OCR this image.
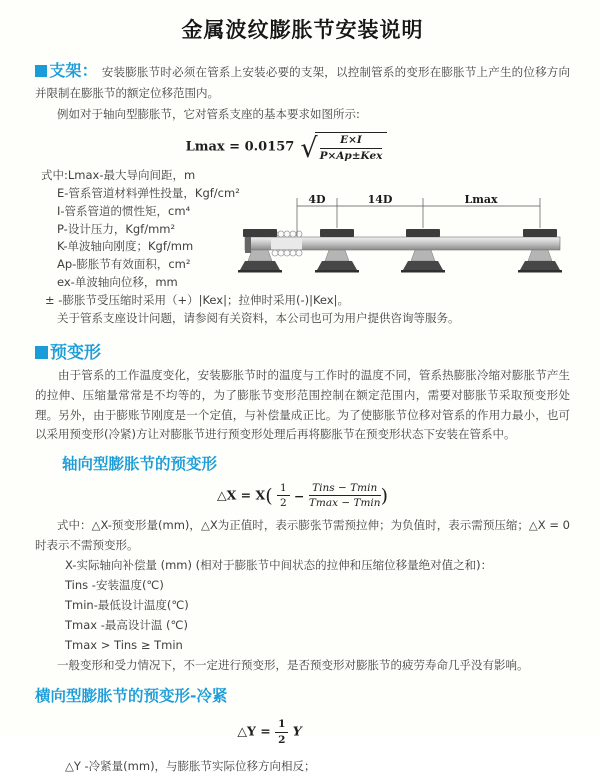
金属波纹膨胀节安装说明

支架： 安装膨胀节时必须在管系上安装必要的支架，以控制管系的变形在膨胀节上产生的位移方向并限制在膨胀节的额定位移范围内。

例如对于轴向型膨胀节，它对管系支座的基本要求如图所示:

Lmax = 0.0157 √ $\frac{E\times I}{\text{P×Ap±Kex}}$
式中:Lmax-最大导向间距，m
E-管系管道材料弹性投量，Kgf/cm²
I-管系管道的惯性矩，cm⁴
P-设计压力，Kgf/mm²
K-单波轴向刚度；Kgf/mm
Ap-膨胀节有效面积，cm²
ex-单波轴向位移，mm
± -膨胀节受压缩时采用（+）|Kex|；拉伸时采用(-)|Kex|。
关于管系支座设计问题，请参阅有关资料，本公司也可为用户提供咨询等服务。
4D	14D	Lmax
预变形

由于管系的工作温度变化，安装膨胀节时的温度与工作时的温度不同，管系热膨胀冷缩对膨胀节产生的拉伸、压缩量常常是不均等的，为了膨胀节变形范围控制在额定范围内，需要对膨胀节采取预变形处理。另外，由于膨账节刚度是一个定值，与补偿量成正比。为了使膨胀节位移对管系的作用力最小，也可以采用预变形(冷紧)方让对膨胀节进行预变形处理后再将膨胀节在预变形状态下安装在管系中。

轴向型膨胀节的预变形
△X = $X( \frac{1}{2} - \frac{\text{Tins − Tmin}}{Tmax - Tmin}$ )
式中：△X-预变形量(mm)，△X为正值时，表示膨张节需预拉伸；为负值时，表示需预压缩；△X = 0时表示不需预变形。
X-实际轴向补偿量 (mm) (相对于膨胀节中间状态的拉伸和压缩位移量绝对值之和)：
Tins -安装温度(℃)
Tmin-最低设计温度(℃)
Tmax -最高设计温 (℃)
Tmax > Tins ≥ Tmin
一般变形和受力情况下，不一定进行预变形，是否预变形对膨胀节的疲劳寿命几乎没有影响。
横向型膨胀节的预变形-冷紧
△Y = $\frac{1}{2}$ Y
△Y -冷紧量(mm)，与膨胀节实际位移方向相反；
